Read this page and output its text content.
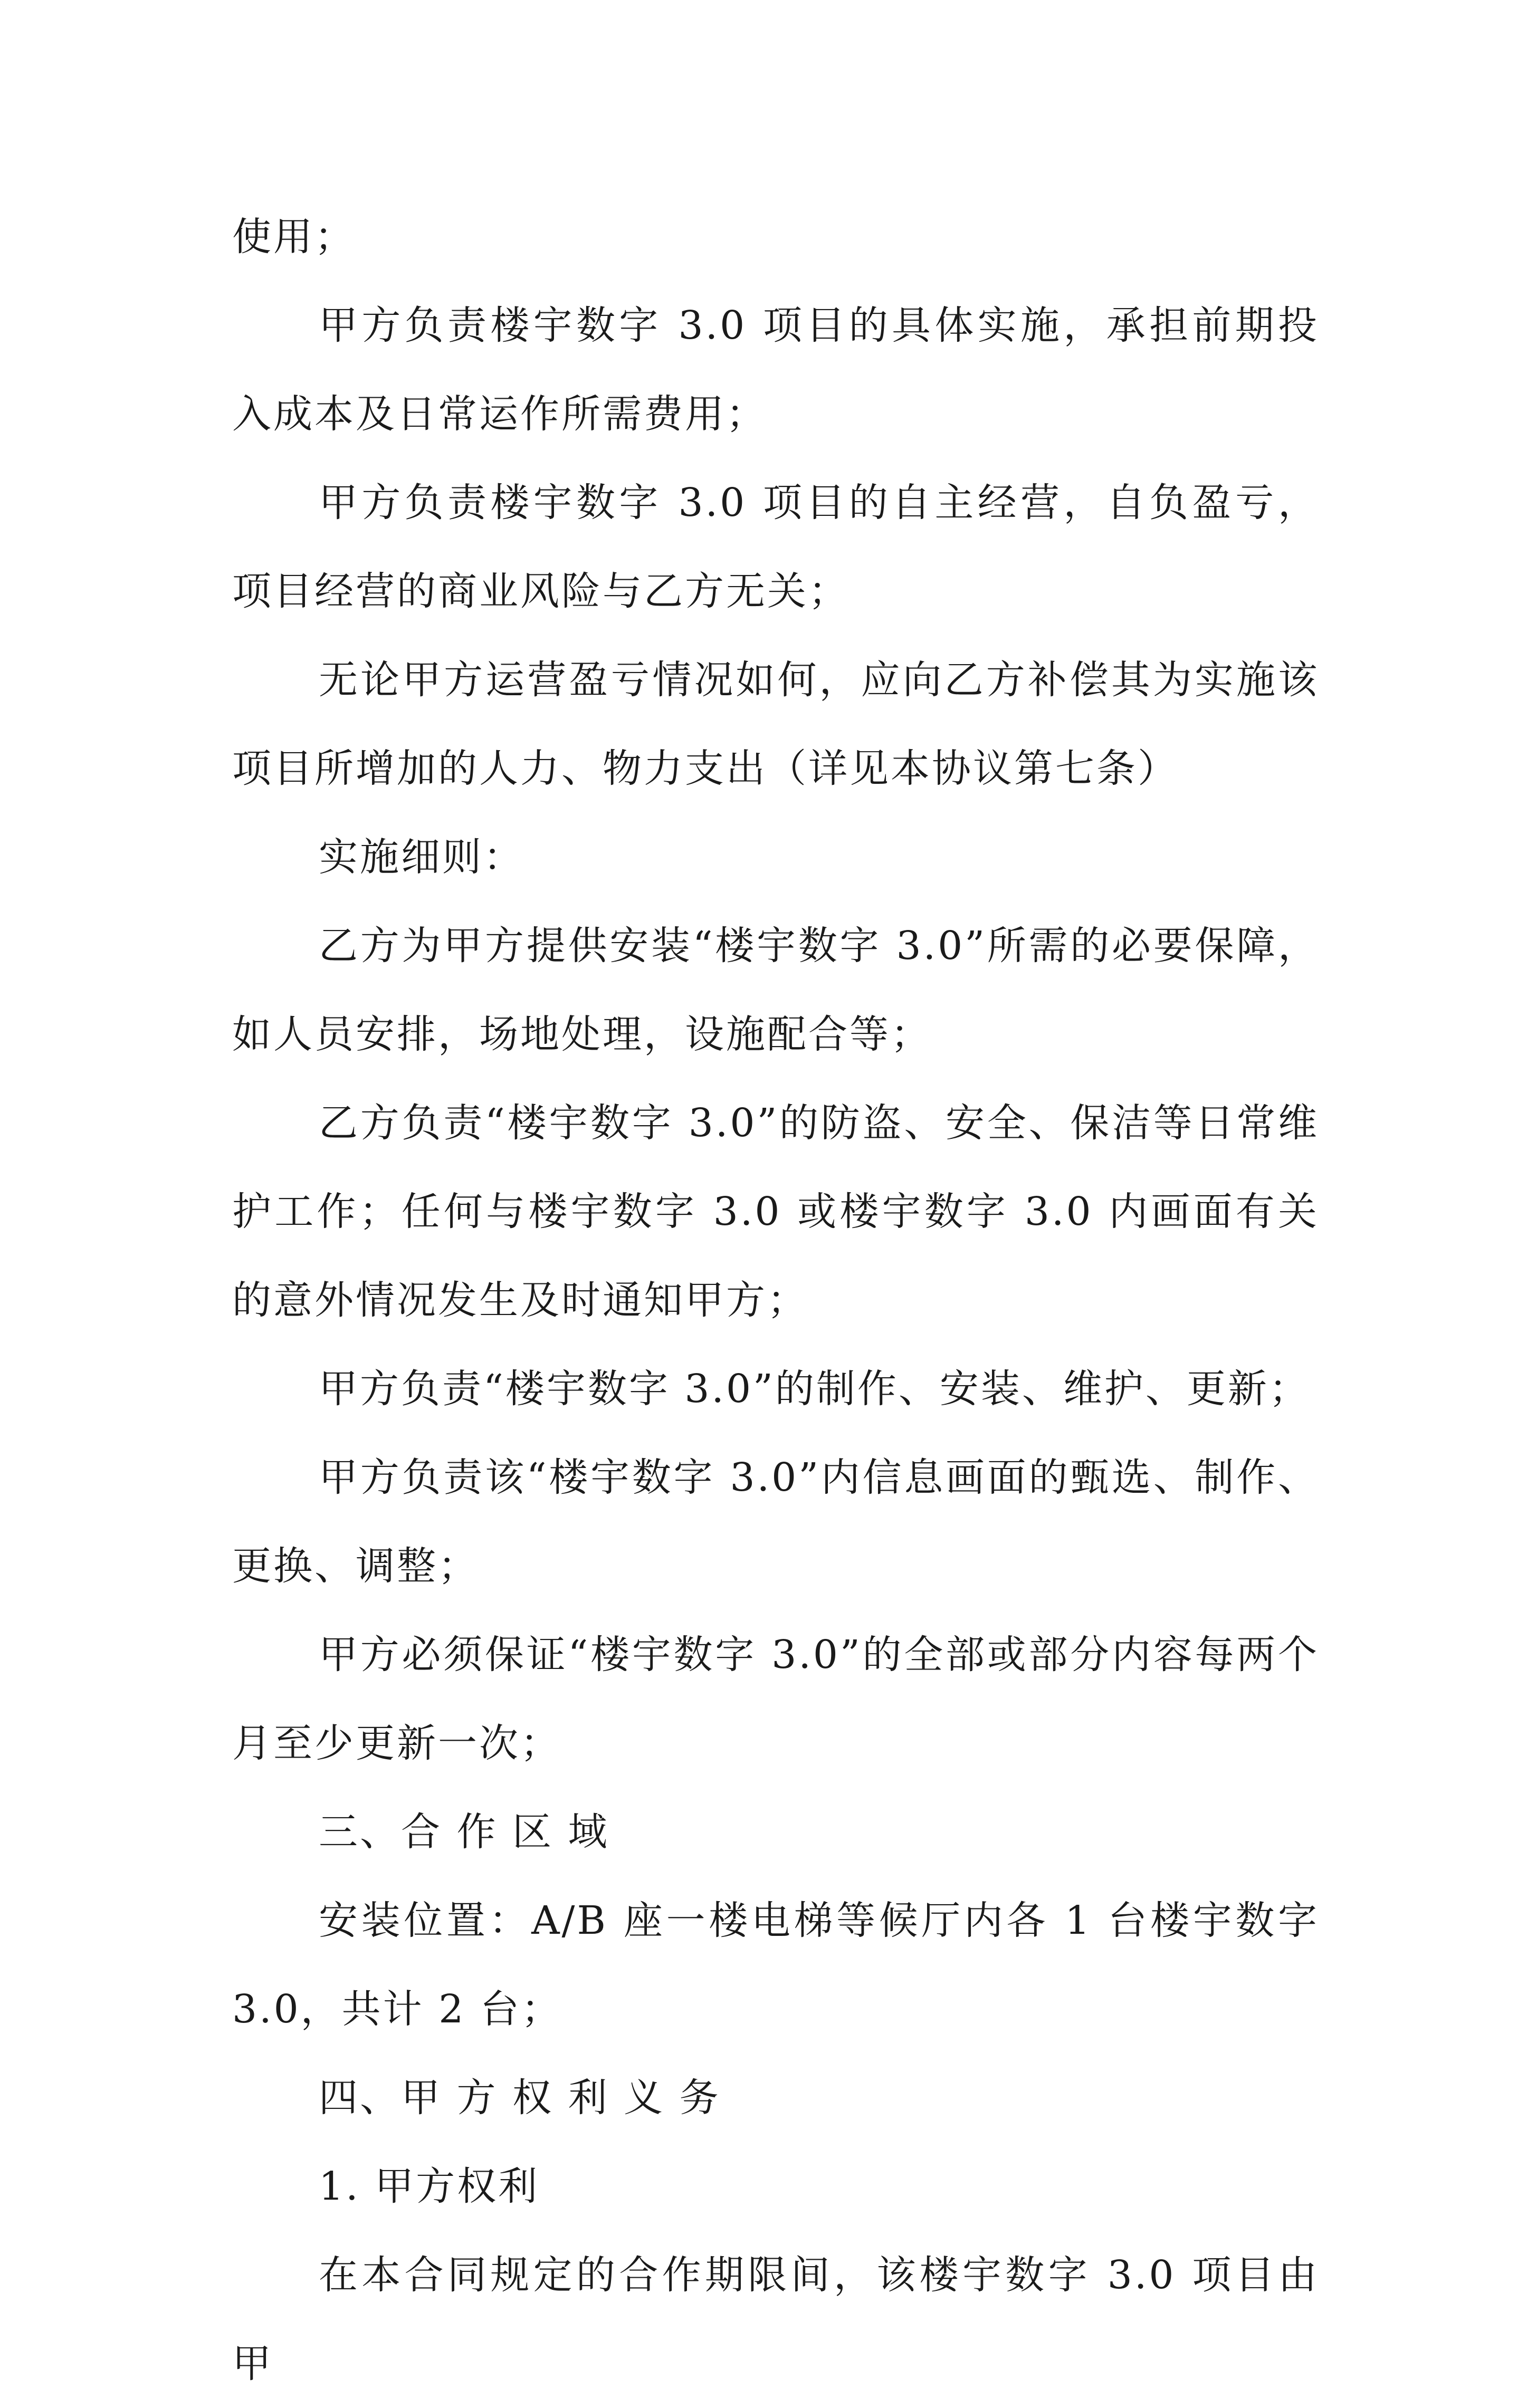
使用；

甲方负责楼宇数字 3.0 项目的具体实施，承担前期投入成本及日常运作所需费用；

甲方负责楼宇数字 3.0 项目的自主经营，自负盈亏，项目经营的商业风险与乙方无关；

无论甲方运营盈亏情况如何，应向乙方补偿其为实施该项目所增加的人力、物力支出（详见本协议第七条）

实施细则：

乙方为甲方提供安装“楼宇数字 3.0”所需的必要保障，如人员安排，场地处理，设施配合等；

乙方负责“楼宇数字 3.0”的防盗、安全、保洁等日常维护工作；任何与楼宇数字 3.0 或楼宇数字 3.0 内画面有关的意外情况发生及时通知甲方；

甲方负责“楼宇数字 3.0”的制作、安装、维护、更新；

甲方负责该“楼宇数字 3.0”内信息画面的甄选、制作、更换、调整；

甲方必须保证“楼宇数字 3.0”的全部或部分内容每两个月至少更新一次；

三、合 作 区 域

安装位置：A/B 座一楼电梯等候厅内各 1 台楼宇数字 3.0，共计 2 台；

四、甲 方 权 利 义 务

1. 甲方权利

在本合同规定的合作期限间，该楼宇数字 3.0 项目由甲
